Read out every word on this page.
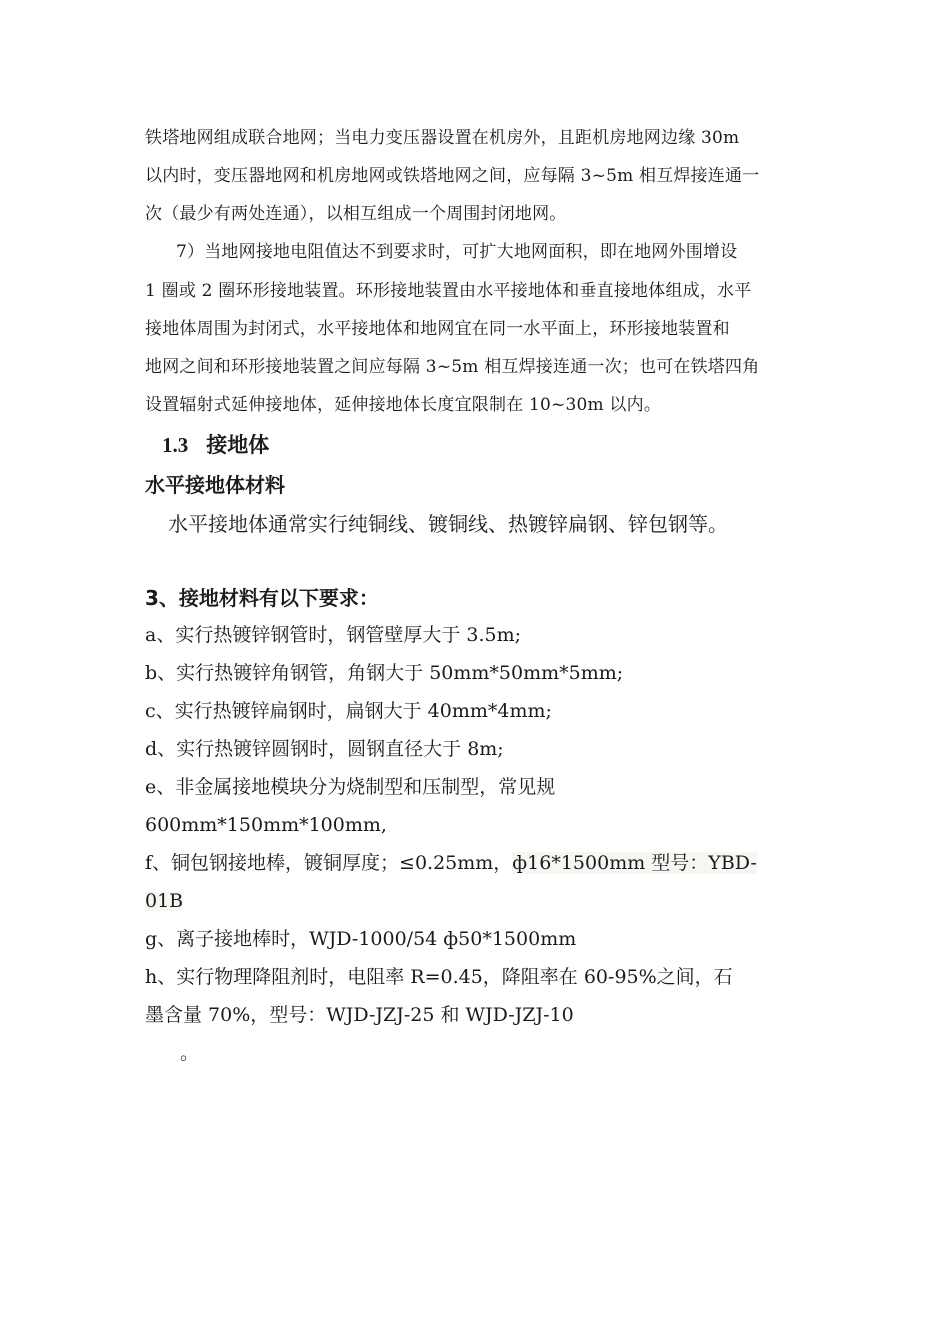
铁塔地网组成联合地网；当电力变压器设置在机房外，且距机房地网边缘 30m
以内时，变压器地网和机房地网或铁塔地网之间，应每隔 3~5m 相互焊接连通一
次（最少有两处连通），以相互组成一个周围封闭地网。
7）当地网接地电阻值达不到要求时，可扩大地网面积，即在地网外围增设
1 圈或 2 圈环形接地装置。环形接地装置由水平接地体和垂直接地体组成，水平
接地体周围为封闭式，水平接地体和地网宜在同一水平面上，环形接地装置和
地网之间和环形接地装置之间应每隔 3~5m 相互焊接连通一次；也可在铁塔四角
设置辐射式延伸接地体，延伸接地体长度宜限制在 10~30m 以内。
1.3 接地体
水平接地体材料
水平接地体通常实行纯铜线、镀铜线、热镀锌扁钢、锌包钢等。
3、接地材料有以下要求：
a、实行热镀锌钢管时，钢管壁厚大于 3.5m;
b、实行热镀锌角钢管，角钢大于 50mm*50mm*5mm;
c、实行热镀锌扁钢时，扁钢大于 40mm*4mm;
d、实行热镀锌圆钢时，圆钢直径大于 8m;
e、非金属接地模块分为烧制型和压制型，常见规
600mm*150mm*100mm,
f、铜包钢接地棒，镀铜厚度；≤0.25mm，ф16*1500mm 型号：YBD-
01B
g、离子接地棒时，WJD-1000/54 ф50*1500mm
h、实行物理降阻剂时，电阻率 R=0.45，降阻率在 60-95%之间，石
墨含量 70%，型号：WJD-JZJ-25 和 WJD-JZJ-10
。
